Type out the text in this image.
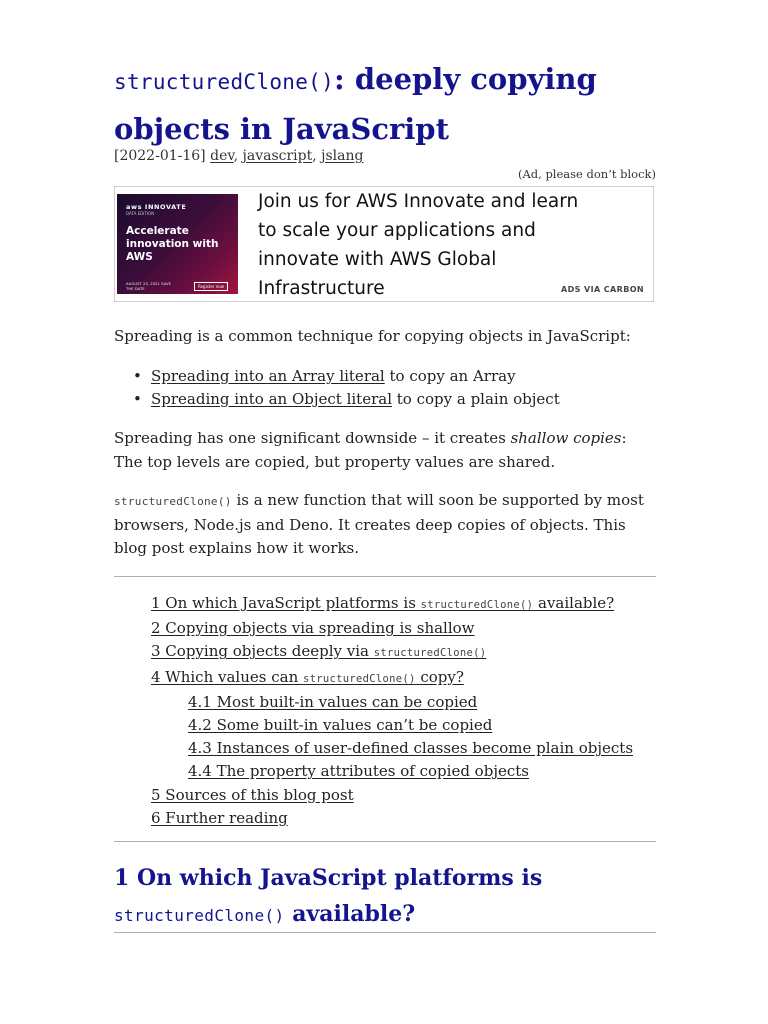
structuredClone(): deeply copying objects in JavaScript
[2022-01-16] dev, javascript, jslang
(Ad, please don’t block)
aws INNOVATE
DATA EDITION
Accelerate innovation with AWS
AUGUST 25, 2021 SAVE THE DATE	Register now
Join us for AWS Innovate and learn to scale your applications and innovate with AWS Global Infrastructure	ADS VIA CARBON

Spreading is a common technique for copying objects in JavaScript:

• Spreading into an Array literal to copy an Array
• Spreading into an Object literal to copy a plain object

Spreading has one significant downside – it creates shallow copies: The top levels are copied, but property values are shared.

structuredClone() is a new function that will soon be supported by most browsers, Node.js and Deno. It creates deep copies of objects. This blog post explains how it works.

1 On which JavaScript platforms is structuredClone() available?
2 Copying objects via spreading is shallow
3 Copying objects deeply via structuredClone()
4 Which values can structuredClone() copy?
4.1 Most built-in values can be copied
4.2 Some built-in values can’t be copied
4.3 Instances of user-defined classes become plain objects
4.4 The property attributes of copied objects
5 Sources of this blog post
6 Further reading
1 On which JavaScript platforms is structuredClone() available?
